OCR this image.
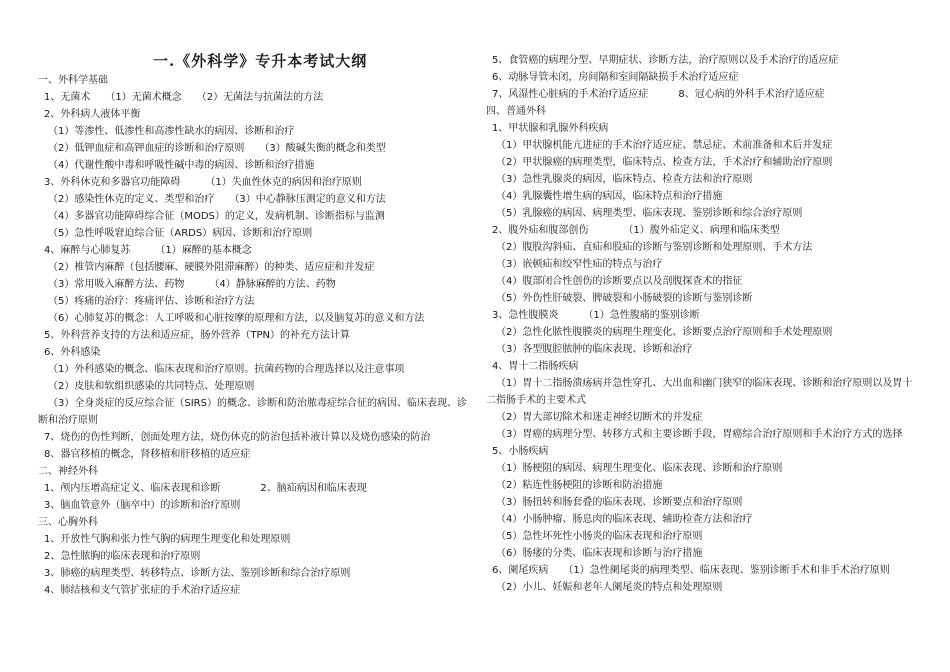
一.《外科学》专升本考试大纲
一、外科学基础
1、无菌术　　（1）无菌术概念　　（2）无菌法与抗菌法的方法
2、外科病人液体平衡
（1）等渗性、低渗性和高渗性缺水的病因、诊断和治疗
（2）低钾血症和高钾血症的诊断和治疗原则　　（3）酸碱失衡的概念和类型
（4）代谢性酸中毒和呼吸性碱中毒的病因、诊断和治疗措施
3、外科休克和多器官功能障碍　　　（1）失血性休克的病因和治疗原则
（2）感染性休克的定义、类型和治疗　　（3）中心静脉压测定的意义和方法
（4）多器官功能障碍综合征（MODS）的定义，发病机制、诊断指标与监测
（5）急性呼吸窘迫综合征（ARDS）病因、诊断和治疗原则
4、麻醉与心肺复苏　　　（1）麻醉的基本概念
（2）椎管内麻醉（包括腰麻、硬膜外阻滞麻醉）的种类、适应症和并发症
（3）常用吸入麻醉方法、药物　　　（4）静脉麻醉的方法、药物
（5）疼痛的治疗：疼痛评估、诊断和治疗方法
（6）心肺复苏的概念：人工呼吸和心脏按摩的原理和方法，以及脑复苏的意义和方法
5、外科营养支持的方法和适应症，肠外营养（TPN）的补充方法计算
6、外科感染
（1）外科感染的概念、临床表现和治疗原则。抗菌药物的合理选择以及注意事项
（2）皮肤和软组织感染的共同特点、处理原则
（3）全身炎症的反应综合征（SIRS）的概念、诊断和防治脓毒症综合征的病因、临床表现、诊
断和治疗原则
7、烧伤的伤性判断，创面处理方法，烧伤休克的防治包括补液计算以及烧伤感染的防治
8、器官移植的概念，肾移植和肝移植的适应症
二、神经外科
1、颅内压增高症定义、临床表现和诊断　　　　2、脑疝病因和临床表现
3、脑血管意外（脑卒中）的诊断和治疗原则
三、心胸外科
1、开放性气胸和张力性气胸的病理生理变化和处理原则
2、急性脓胸的临床表现和治疗原则
3、肺癌的病理类型、转移特点、诊断方法、鉴别诊断和综合治疗原则
4、肺结核和支气管扩张症的手术治疗适应症
5、食管癌的病理分型、早期症状、诊断方法，治疗原则以及手术治疗的适应症
6、动脉导管未闭，房间隔和室间隔缺损手术治疗适应症
7、风湿性心脏病的手术治疗适应症　　　8、冠心病的外科手术治疗适应症
四、普通外科
1、甲状腺和乳腺外科疾病
（1）甲状腺机能亢进症的手术治疗适应症、禁忌症、术前准备和术后并发症
（2）甲状腺癌的病理类型，临床特点、检查方法，手术治疗和辅助治疗原则
（3）急性乳腺炎的病因，临床特点、检查方法和治疗原则
（4）乳腺囊性增生病的病因，临床特点和治疗措施
（5）乳腺癌的病因、病理类型、临床表现、鉴别诊断和综合治疗原则
2、腹外疝和腹部创伤　　　　（1）腹外疝定义、病理和临床类型
（2）腹股沟斜疝、直疝和股疝的诊断与鉴别诊断和处理原则、手术方法
（3）嵌顿疝和绞窄性疝的特点与治疗
（4）腹部闭合性创伤的诊断要点以及剖腹探查术的指征
（5）外伤性肝破裂、脾破裂和小肠破裂的诊断与鉴别诊断
3、急性腹膜炎　　　（1）急性腹痛的鉴别诊断
（2）急性化脓性腹膜炎的病理生理变化、诊断要点治疗原则和手术处理原则
（3）各型腹腔脓肿的临床表现、诊断和治疗
4、胃十二指肠疾病
（1）胃十二指肠溃疡病并急性穿孔、大出血和幽门狭窄的临床表现、诊断和治疗原则以及胃十
二指肠手术的主要术式
（2）胃大部切除术和迷走神经切断术的并发症
（3）胃癌的病理分型、转移方式和主要诊断手段，胃癌综合治疗原则和手术治疗方式的选择
5、小肠疾病
（1）肠梗阻的病因、病理生理变化、临床表现、诊断和治疗原则
（2）粘连性肠梗阻的诊断和防治措施
（3）肠扭转和肠套叠的临床表现、诊断要点和治疗原则
（4）小肠肿瘤、肠息肉的临床表现、辅助检查方法和治疗
（5）急性坏死性小肠炎的临床表现和治疗原则
（6）肠瘘的分类、临床表现和诊断与治疗措施
6、阑尾疾病　　（1）急性阑尾炎的病理类型、临床表现、鉴别诊断手术和非手术治疗原则
（2）小儿、妊娠和老年人阑尾炎的特点和处理原则
